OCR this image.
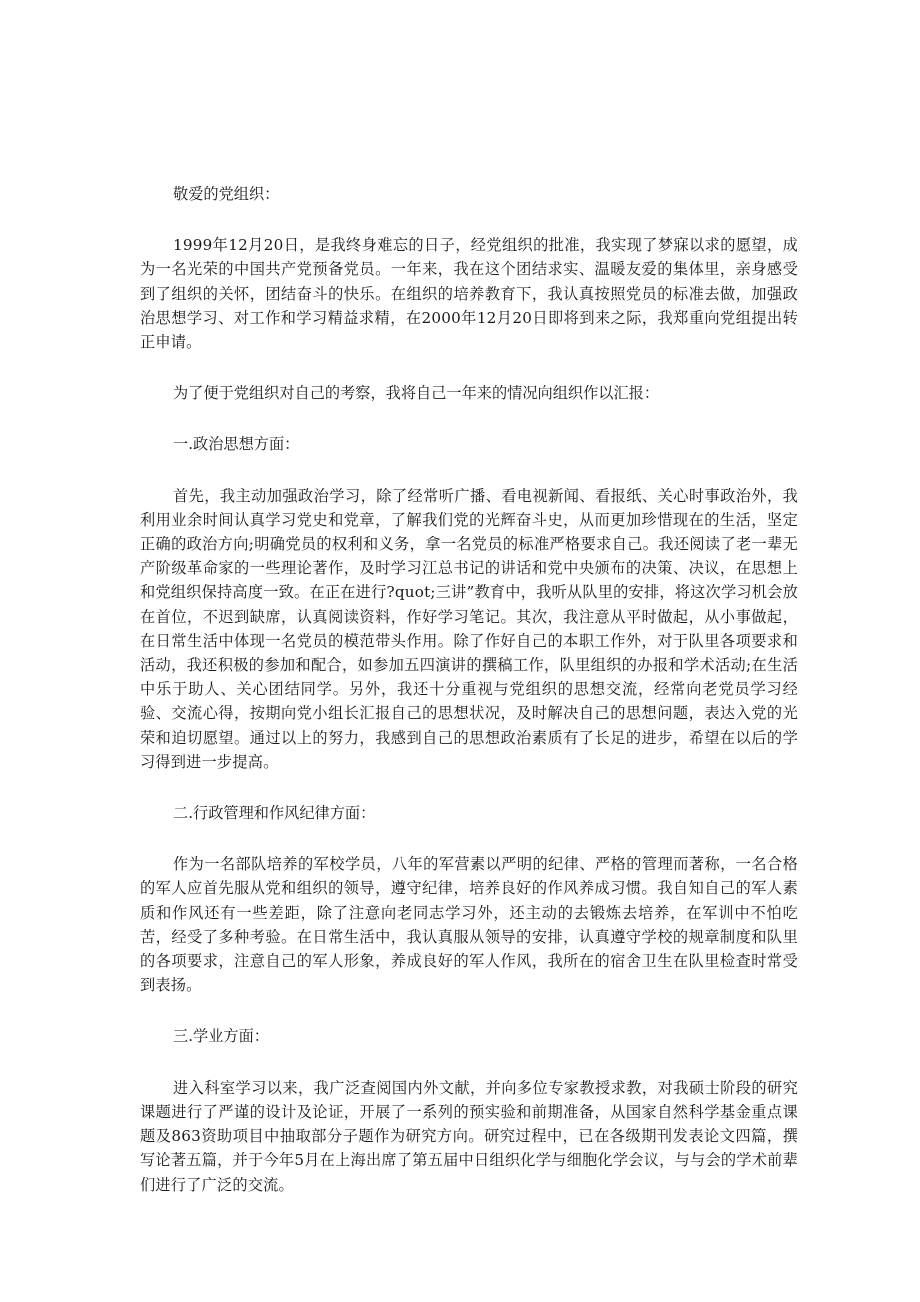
敬爱的党组织：

1999年12月20日，是我终身难忘的日子，经党组织的批准，我实现了梦寐以求的愿望，成为一名光荣的中国共产党预备党员。一年来，我在这个团结求实、温暖友爱的集体里，亲身感受到了组织的关怀，团结奋斗的快乐。在组织的培养教育下，我认真按照党员的标准去做，加强政治思想学习、对工作和学习精益求精，在2000年12月20日即将到来之际，我郑重向党组提出转正申请。

为了便于党组织对自己的考察，我将自己一年来的情况向组织作以汇报：

一.政治思想方面：

首先，我主动加强政治学习，除了经常听广播、看电视新闻、看报纸、关心时事政治外，我利用业余时间认真学习党史和党章，了解我们党的光辉奋斗史，从而更加珍惜现在的生活，坚定正确的政治方向;明确党员的权利和义务，拿一名党员的标准严格要求自己。我还阅读了老一辈无产阶级革命家的一些理论著作，及时学习江总书记的讲话和党中央颁布的决策、决议，在思想上和党组织保持高度一致。在正在进行?quot;三讲”教育中，我听从队里的安排，将这次学习机会放在首位，不迟到缺席，认真阅读资料，作好学习笔记。其次，我注意从平时做起，从小事做起，在日常生活中体现一名党员的模范带头作用。除了作好自己的本职工作外，对于队里各项要求和活动，我还积极的参加和配合，如参加五四演讲的撰稿工作，队里组织的办报和学术活动;在生活中乐于助人、关心团结同学。另外，我还十分重视与党组织的思想交流，经常向老党员学习经验、交流心得，按期向党小组长汇报自己的思想状况，及时解决自己的思想问题，表达入党的光荣和迫切愿望。通过以上的努力，我感到自己的思想政治素质有了长足的进步，希望在以后的学习得到进一步提高。

二.行政管理和作风纪律方面：

作为一名部队培养的军校学员，八年的军营素以严明的纪律、严格的管理而著称，一名合格的军人应首先服从党和组织的领导，遵守纪律，培养良好的作风养成习惯。我自知自己的军人素质和作风还有一些差距，除了注意向老同志学习外，还主动的去锻炼去培养，在军训中不怕吃苦，经受了多种考验。在日常生活中，我认真服从领导的安排，认真遵守学校的规章制度和队里的各项要求，注意自己的军人形象，养成良好的军人作风，我所在的宿舍卫生在队里检查时常受到表扬。

三.学业方面：

进入科室学习以来，我广泛查阅国内外文献，并向多位专家教授求教，对我硕士阶段的研究课题进行了严谨的设计及论证，开展了一系列的预实验和前期准备，从国家自然科学基金重点课题及863资助项目中抽取部分子题作为研究方向。研究过程中，已在各级期刊发表论文四篇，撰写论著五篇，并于今年5月在上海出席了第五届中日组织化学与细胞化学会议，与与会的学术前辈们进行了广泛的交流。
